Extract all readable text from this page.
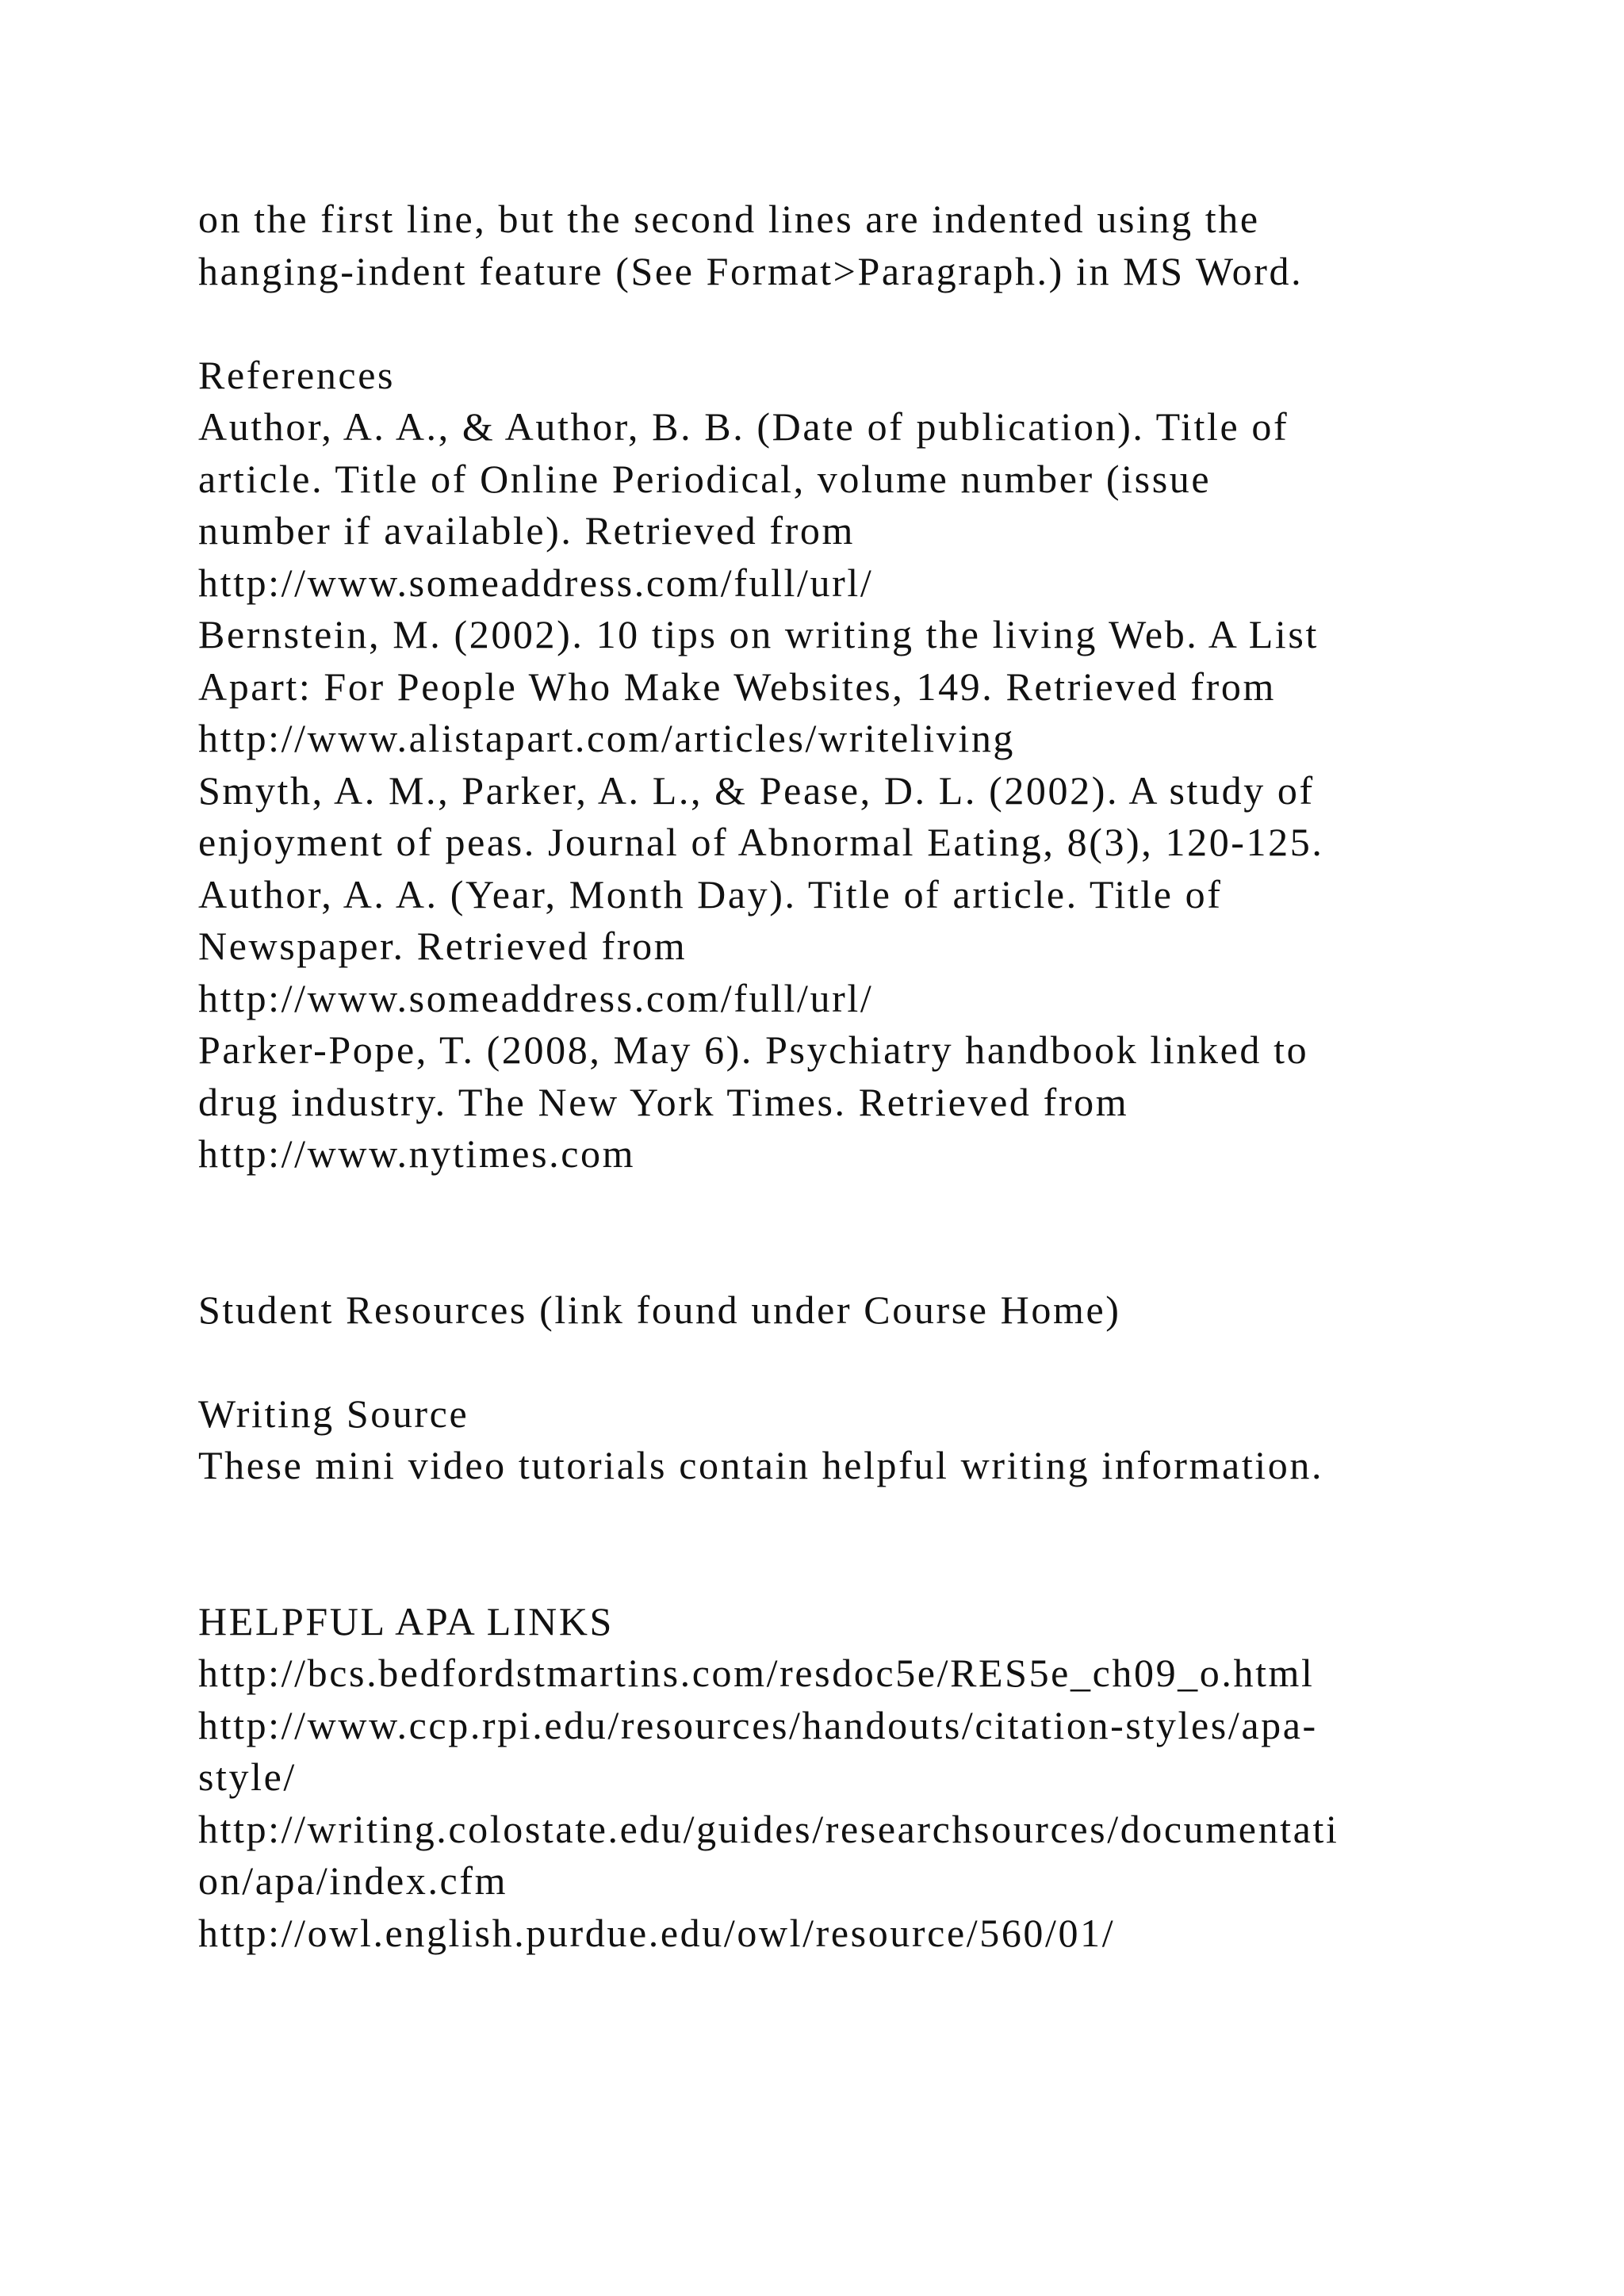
on the first line, but the second lines are indented using the
hanging-indent feature (See Format>Paragraph.) in MS Word.
References
Author, A. A., & Author, B. B. (Date of publication). Title of
article. Title of Online Periodical, volume number (issue
number if available). Retrieved from
http://www.someaddress.com/full/url/
Bernstein, M. (2002). 10 tips on writing the living Web. A List
Apart: For People Who Make Websites, 149. Retrieved from
http://www.alistapart.com/articles/writeliving
Smyth, A. M., Parker, A. L., & Pease, D. L. (2002). A study of
enjoyment of peas. Journal of Abnormal Eating, 8(3), 120-125.
Author, A. A. (Year, Month Day). Title of article. Title of
Newspaper. Retrieved from
http://www.someaddress.com/full/url/
Parker-Pope, T. (2008, May 6). Psychiatry handbook linked to
drug industry. The New York Times. Retrieved from
http://www.nytimes.com
Student Resources (link found under Course Home)
Writing Source
These mini video tutorials contain helpful writing information.
HELPFUL APA LINKS
http://bcs.bedfordstmartins.com/resdoc5e/RES5e_ch09_o.html
http://www.ccp.rpi.edu/resources/handouts/citation-styles/apa-
style/
http://writing.colostate.edu/guides/researchsources/documentati
on/apa/index.cfm
http://owl.english.purdue.edu/owl/resource/560/01/
